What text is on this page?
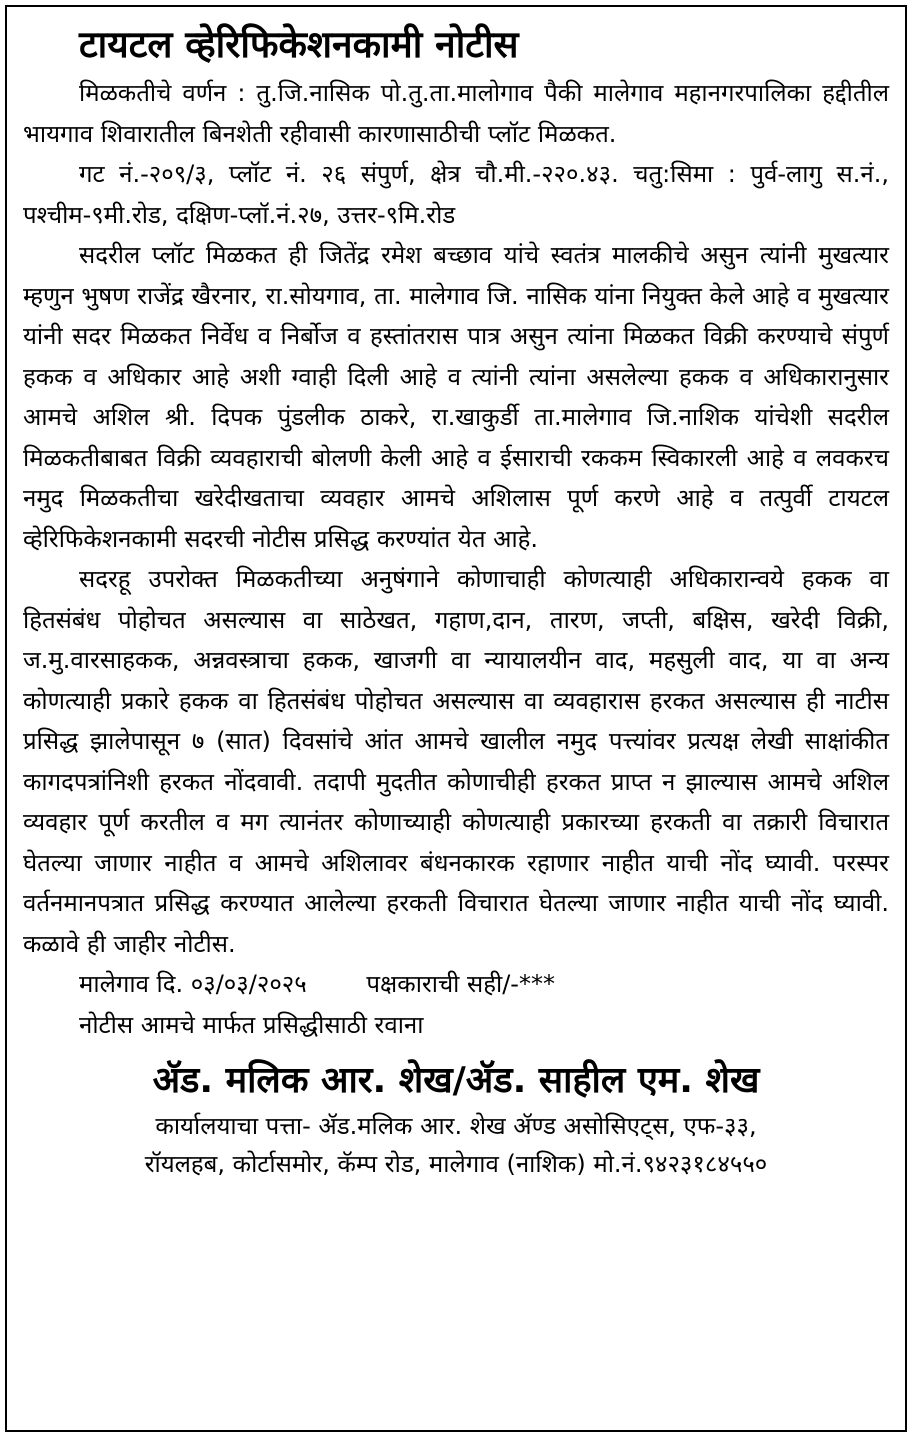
टायटल व्हेरिफिकेशनकामी नोटीस

मिळकतीचे वर्णन : तु.जि.नासिक पो.तु.ता.मालोगाव पैकी मालेगाव महानगरपालिका हद्दीतील भायगाव शिवारातील बिनशेती रहीवासी कारणासाठीची प्लॉट मिळकत.

गट नं.-२०९/३, प्लॉट नं. २६ संपुर्ण, क्षेत्र चौ.मी.-२२०.४३. चतु:सिमा : पुर्व-लागु स.नं., पश्चीम-९मी.रोड, दक्षिण-प्लॉ.नं.२७, उत्तर-९मि.रोड

सदरील प्लॉट मिळकत ही जितेंद्र रमेश बच्छाव यांचे स्वतंत्र मालकीचे असुन त्यांनी मुखत्यार म्हणुन भुषण राजेंद्र खैरनार, रा.सोयगाव, ता. मालेगाव जि. नासिक यांना नियुक्त केले आहे व मुखत्यार यांनी सदर मिळकत निर्वेध व निर्बोज व हस्तांतरास पात्र असुन त्यांना मिळकत विक्री करण्याचे संपुर्ण हकक व अधिकार आहे अशी ग्वाही दिली आहे व त्यांनी त्यांना असलेल्या हकक व अधिकारानुसार आमचे अशिल श्री. दिपक पुंडलीक ठाकरे, रा.खाकुर्डी ता.मालेगाव जि.नाशिक यांचेशी सदरील मिळकतीबाबत विक्री व्यवहाराची बोलणी केली आहे व ईसाराची रककम स्विकारली आहे व लवकरच नमुद मिळकतीचा खरेदीखताचा व्यवहार आमचे अशिलास पूर्ण करणे आहे व तत्पुर्वी टायटल व्हेरिफिकेशनकामी सदरची नोटीस प्रसिद्ध करण्यांत येत आहे.

सदरहू उपरोक्त मिळकतीच्या अनुषंगाने कोणाचाही कोणत्याही अधिकारान्वये हकक वा हितसंबंध पोहोचत असल्यास वा साठेखत, गहाण,दान, तारण, जप्ती, बक्षिस, खरेदी विक्री, ज.मु.वारसाहकक, अन्नवस्त्राचा हकक, खाजगी वा न्यायालयीन वाद, महसुली वाद, या वा अन्य कोणत्याही प्रकारे हकक वा हितसंबंध पोहोचत असल्यास वा व्यवहारास हरकत असल्यास ही नाटीस प्रसिद्ध झालेपासून ७ (सात) दिवसांचे आंत आमचे खालील नमुद पत्त्यांवर प्रत्यक्ष लेखी साक्षांकीत कागदपत्रांनिशी हरकत नोंदवावी. तदापी मुदतीत कोणाचीही हरकत प्राप्त न झाल्यास आमचे अशिल व्यवहार पूर्ण करतील व मग त्यानंतर कोणाच्याही कोणत्याही प्रकारच्या हरकती वा तक्रारी विचारात घेतल्या जाणार नाहीत व आमचे अशिलावर बंधनकारक रहाणार नाहीत याची नोंद घ्यावी. परस्पर वर्तनमानपत्रात प्रसिद्ध करण्यात आलेल्या हरकती विचारात घेतल्या जाणार नाहीत याची नोंद घ्यावी. कळावे ही जाहीर नोटीस.

मालेगाव दि. ०३/०३/२०२५ पक्षकाराची सही/-***
नोटीस आमचे मार्फत प्रसिद्धीसाठी रवाना
ॲड. मलिक आर. शेख/ॲड. साहील एम. शेख
कार्यालयाचा पत्ता- ॲड.मलिक आर. शेख ॲण्ड असोसिएट्स, एफ-३३,
रॉयलहब, कोर्टासमोर, कॅम्प रोड, मालेगाव (नाशिक) मो.नं.९४२३१८४५५०
